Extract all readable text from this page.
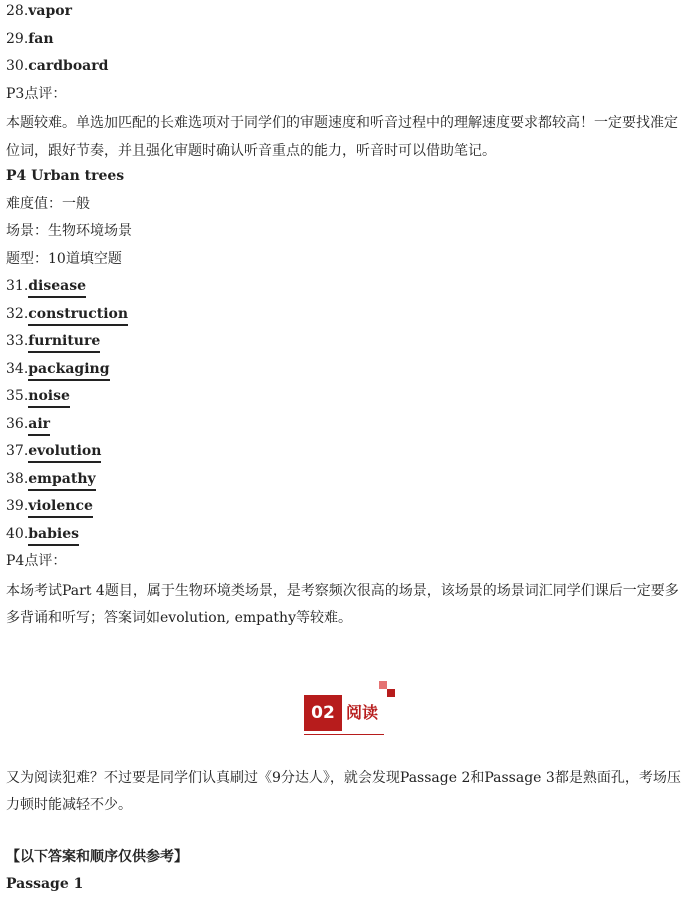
28.vapor
29.fan
30.cardboard
P3点评：
本题较难。单选加匹配的长难选项对于同学们的审题速度和听音过程中的理解速度要求都较高！一定要找准定位词，跟好节奏，并且强化审题时确认听音重点的能力，听音时可以借助笔记。
P4 Urban trees
难度值：一般
场景：生物环境场景
题型：10道填空题
31.disease
32.construction
33.furniture
34.packaging
35.noise
36.air
37.evolution
38.empathy
39.violence
40.babies
P4点评：
本场考试Part 4题目，属于生物环境类场景，是考察频次很高的场景，该场景的场景词汇同学们课后一定要多多背诵和听写；答案词如evolution, empathy等较难。
02 阅读
又为阅读犯难？不过要是同学们认真刷过《9分达人》，就会发现Passage 2和Passage 3都是熟面孔，考场压力顿时能减轻不少。
【以下答案和顺序仅供参考】
Passage 1
